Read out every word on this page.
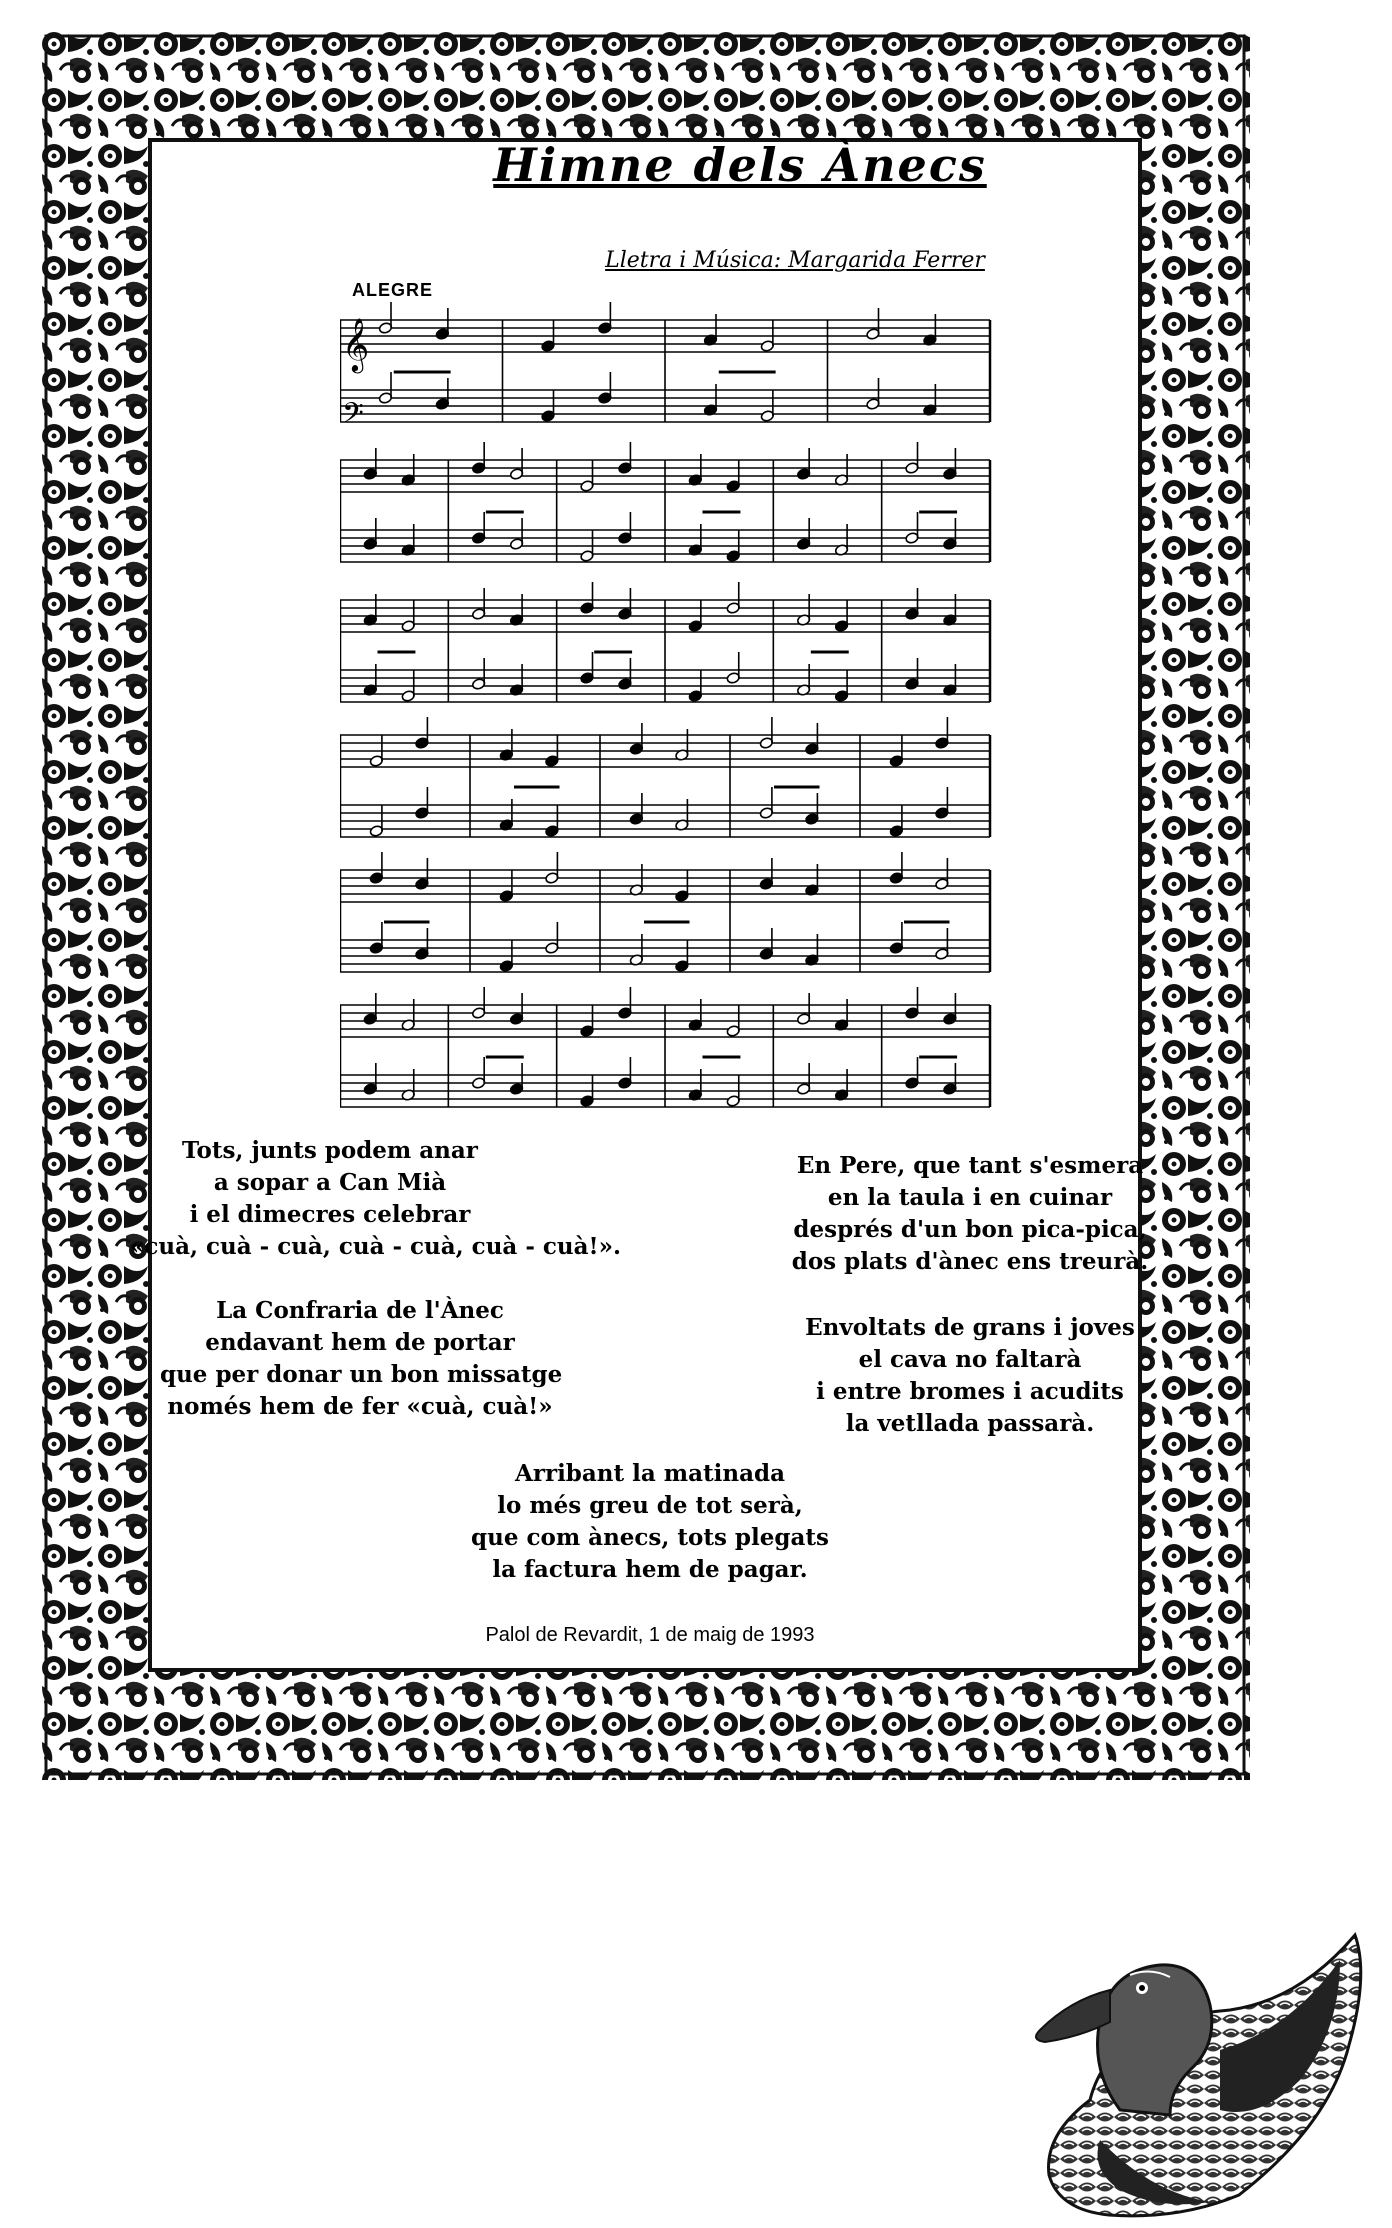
Himne dels Ànecs
Lletra i Música: Margarida Ferrer
ALEGRE
𝄞
𝄢
Tots, junts podem anar
a sopar a Can Mià
i el dimecres celebrar
«cuà, cuà - cuà, cuà - cuà, cuà - cuà!».
La Confraria de l'Ànec
endavant hem de portar
que per donar un bon missatge
només hem de fer «cuà, cuà!»
En Pere, que tant s'esmera
en la taula i en cuinar
després d'un bon pica-pica,
dos plats d'ànec ens treurà.
Envoltats de grans i joves
el cava no faltarà
i entre bromes i acudits
la vetllada passarà.
Arribant la matinada
lo més greu de tot serà,
que com ànecs, tots plegats
la factura hem de pagar.
Palol de Revardit, 1 de maig de 1993
